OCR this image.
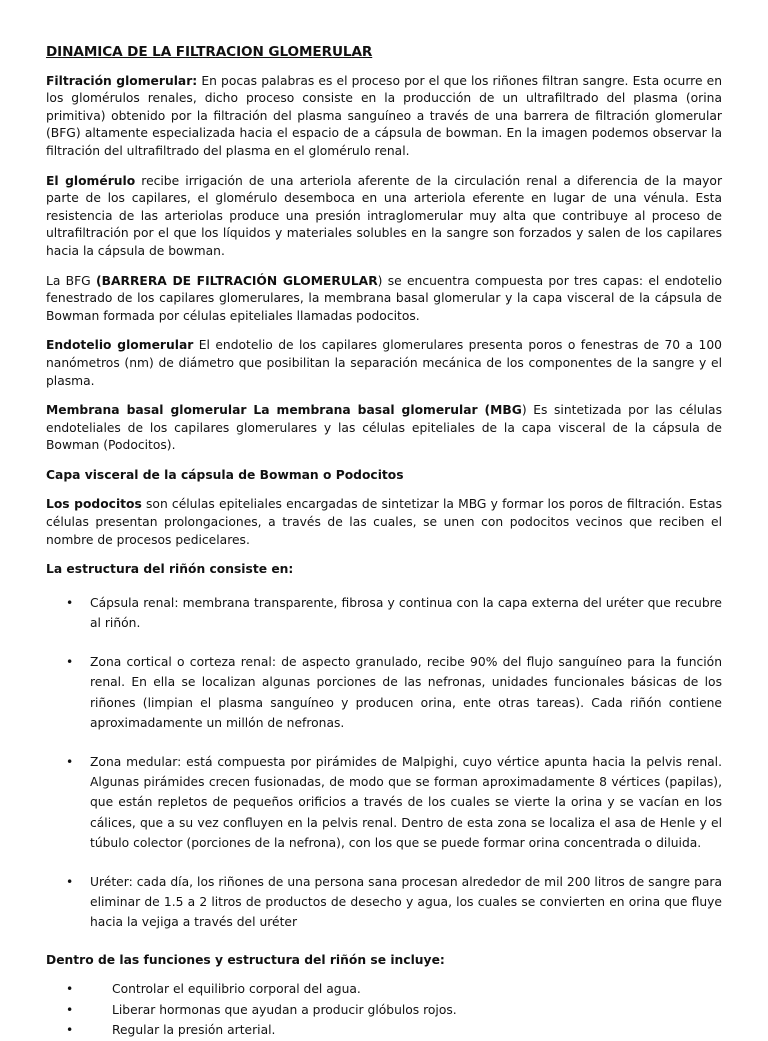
DINAMICA DE LA FILTRACION GLOMERULAR

Filtración glomerular: En pocas palabras es el proceso por el que los riñones filtran sangre. Esta ocurre en los glomérulos renales, dicho proceso consiste en la producción de un ultrafiltrado del plasma (orina primitiva) obtenido por la filtración del plasma sanguíneo a través de una barrera de filtración glomerular (BFG) altamente especializada hacia el espacio de a cápsula de bowman. En la imagen podemos observar la filtración del ultrafiltrado del plasma en el glomérulo renal.

El glomérulo recibe irrigación de una arteriola aferente de la circulación renal a diferencia de la mayor parte de los capilares, el glomérulo desemboca en una arteriola eferente en lugar de una vénula. Esta resistencia de las arteriolas produce una presión intraglomerular muy alta que contribuye al proceso de ultrafiltración por el que los líquidos y materiales solubles en la sangre son forzados y salen de los capilares hacia la cápsula de bowman.

La BFG (BARRERA DE FILTRACIÓN GLOMERULAR) se encuentra compuesta por tres capas: el endotelio fenestrado de los capilares glomerulares, la membrana basal glomerular y la capa visceral de la cápsula de Bowman formada por células epiteliales llamadas podocitos.

Endotelio glomerular El endotelio de los capilares glomerulares presenta poros o fenestras de 70 a 100 nanómetros (nm) de diámetro que posibilitan la separación mecánica de los componentes de la sangre y el plasma.

Membrana basal glomerular La membrana basal glomerular (MBG) Es sintetizada por las células endoteliales de los capilares glomerulares y las células epiteliales de la capa visceral de la cápsula de Bowman (Podocitos).

Capa visceral de la cápsula de Bowman o Podocitos

Los podocitos son células epiteliales encargadas de sintetizar la MBG y formar los poros de filtración. Estas células presentan prolongaciones, a través de las cuales, se unen con podocitos vecinos que reciben el nombre de procesos pedicelares.

La estructura del riñón consiste en:
• Cápsula renal: membrana transparente, fibrosa y continua con la capa externa del uréter que recubre al riñón.
• Zona cortical o corteza renal: de aspecto granulado, recibe 90% del flujo sanguíneo para la función renal. En ella se localizan algunas porciones de las nefronas, unidades funcionales básicas de los riñones (limpian el plasma sanguíneo y producen orina, ente otras tareas). Cada riñón contiene aproximadamente un millón de nefronas.
• Zona medular: está compuesta por pirámides de Malpighi, cuyo vértice apunta hacia la pelvis renal. Algunas pirámides crecen fusionadas, de modo que se forman aproximadamente 8 vértices (papilas), que están repletos de pequeños orificios a través de los cuales se vierte la orina y se vacían en los cálices, que a su vez confluyen en la pelvis renal. Dentro de esta zona se localiza el asa de Henle y el túbulo colector (porciones de la nefrona), con los que se puede formar orina concentrada o diluida.
• Uréter: cada día, los riñones de una persona sana procesan alrededor de mil 200 litros de sangre para eliminar de 1.5 a 2 litros de productos de desecho y agua, los cuales se convierten en orina que fluye hacia la vejiga a través del uréter
Dentro de las funciones y estructura del riñón se incluye:
•	Controlar el equilibrio corporal del agua.
•	Liberar hormonas que ayudan a producir glóbulos rojos.
•	Regular la presión arterial.
